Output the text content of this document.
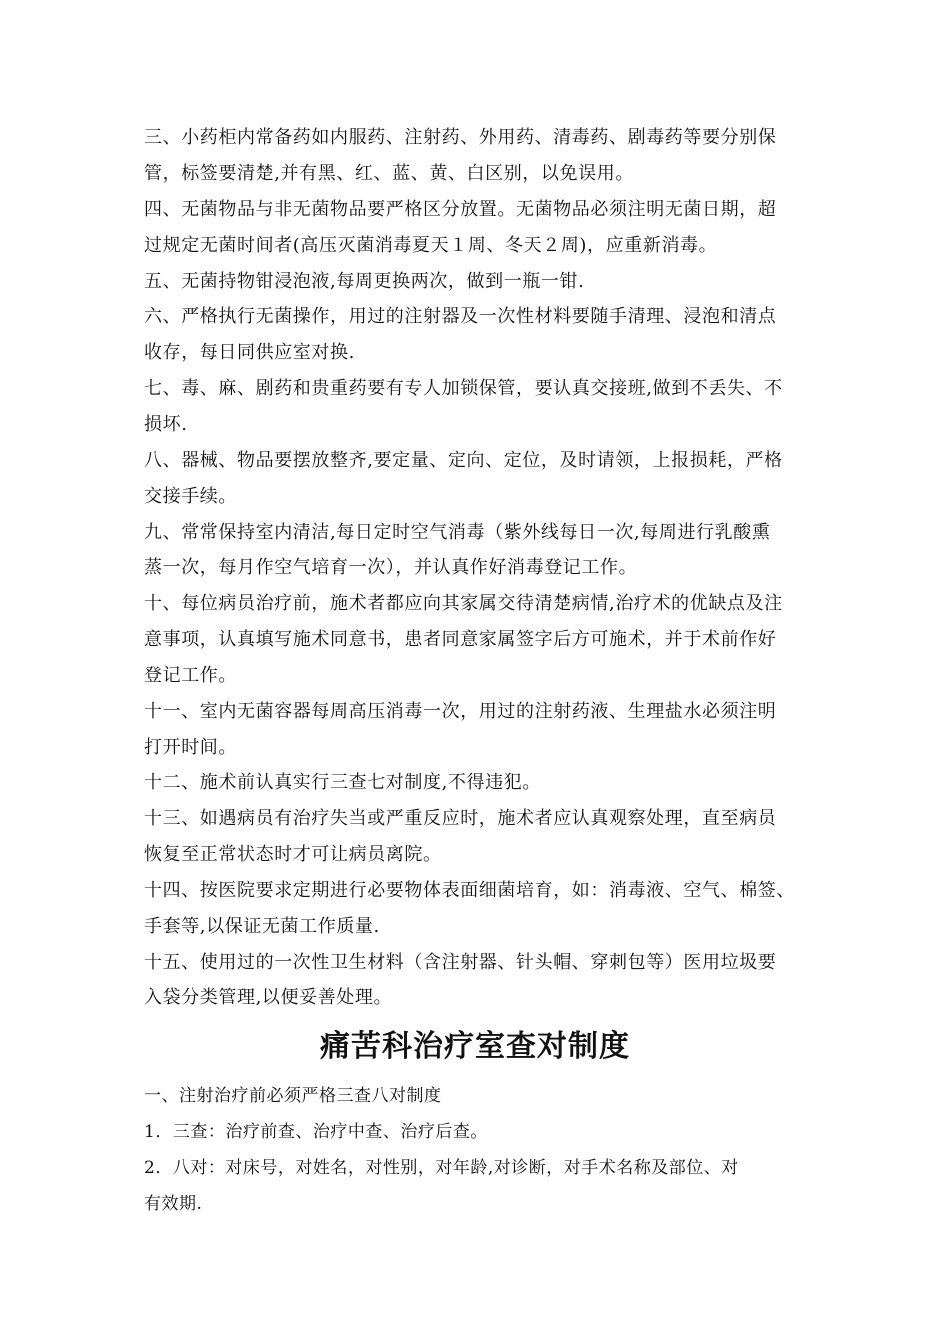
三、小药柜内常备药如内服药、注射药、外用药、清毒药、剧毒药等要分别保
管，标签要清楚,并有黑、红、蓝、黄、白区别，以免误用。
四、无菌物品与非无菌物品要严格区分放置。无菌物品必须注明无菌日期，超
过规定无菌时间者(高压灭菌消毒夏天１周、冬天２周)，应重新消毒。
五、无菌持物钳浸泡液,每周更换两次，做到一瓶一钳.
六、严格执行无菌操作，用过的注射器及一次性材料要随手清理、浸泡和清点
收存，每日同供应室对换.
七、毒、麻、剧药和贵重药要有专人加锁保管，要认真交接班,做到不丢失、不
损坏.
八、器械、物品要摆放整齐,要定量、定向、定位，及时请领，上报损耗，严格
交接手续。
九、常常保持室内清洁,每日定时空气消毒（紫外线每日一次,每周进行乳酸熏
蒸一次，每月作空气培育一次），并认真作好消毒登记工作。
十、每位病员治疗前，施术者都应向其家属交待清楚病情,治疗术的优缺点及注
意事项，认真填写施术同意书，患者同意家属签字后方可施术，并于术前作好
登记工作。
十一、室内无菌容器每周高压消毒一次，用过的注射药液、生理盐水必须注明
打开时间。
十二、施术前认真实行三查七对制度,不得违犯。
十三、如遇病员有治疗失当或严重反应时，施术者应认真观察处理，直至病员
恢复至正常状态时才可让病员离院。
十四、按医院要求定期进行必要物体表面细菌培育，如：消毒液、空气、棉签、
手套等,以保证无菌工作质量.
十五、使用过的一次性卫生材料（含注射器、针头帽、穿刺包等）医用垃圾要
入袋分类管理,以便妥善处理。
痛苦科治疗室查对制度
一、注射治疗前必须严格三查八对制度
1．三查：治疗前查、治疗中查、治疗后查。
2．八对：对床号，对姓名，对性别，对年龄,对诊断，对手术名称及部位、对
有效期.
